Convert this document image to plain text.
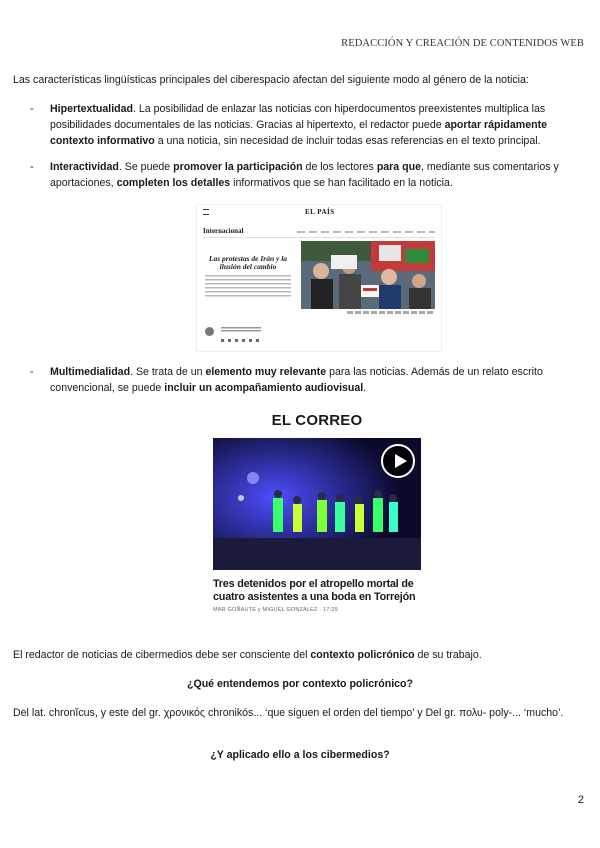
REDACCIÓN Y CREACIÓN DE CONTENIDOS WEB
Las características lingüísticas principales del ciberespacio afectan del siguiente modo al género de la noticia:
- Hipertextualidad. La posibilidad de enlazar las noticias con hiperdocumentos preexistentes multiplica las posibilidades documentales de las noticias. Gracias al hipertexto, el redactor puede aportar rápidamente contexto informativo a una noticia, sin necesidad de incluir todas esas referencias en el texto principal.
- Interactividad. Se puede promover la participación de los lectores para que, mediante sus comentarios y aportaciones, completen los detalles informativos que se han facilitado en la noticia.
EL PAÍS
Internacional
Las protestas de Irán y la ilusión del cambio
- Multimedialidad. Se trata de un elemento muy relevante para las noticias. Además de un relato escrito convencional, se puede incluir un acompañamiento audiovisual.
EL CORREO
Tres detenidos por el atropello mortal de cuatro asistentes a una boda en Torrejón
MAR GOÑAUTE y MIGUEL GONZÁLEZ · 17:29
El redactor de noticias de cibermedios debe ser consciente del contexto policrónico de su trabajo.
¿Qué entendemos por contexto policrónico?
Del lat. chronĭcus, y este del gr. χρονικός chronikós... ‘que siguen el orden del tiempo’ y Del gr. πολυ- poly-... ‘mucho’.
¿Y aplicado ello a los cibermedios?
2
